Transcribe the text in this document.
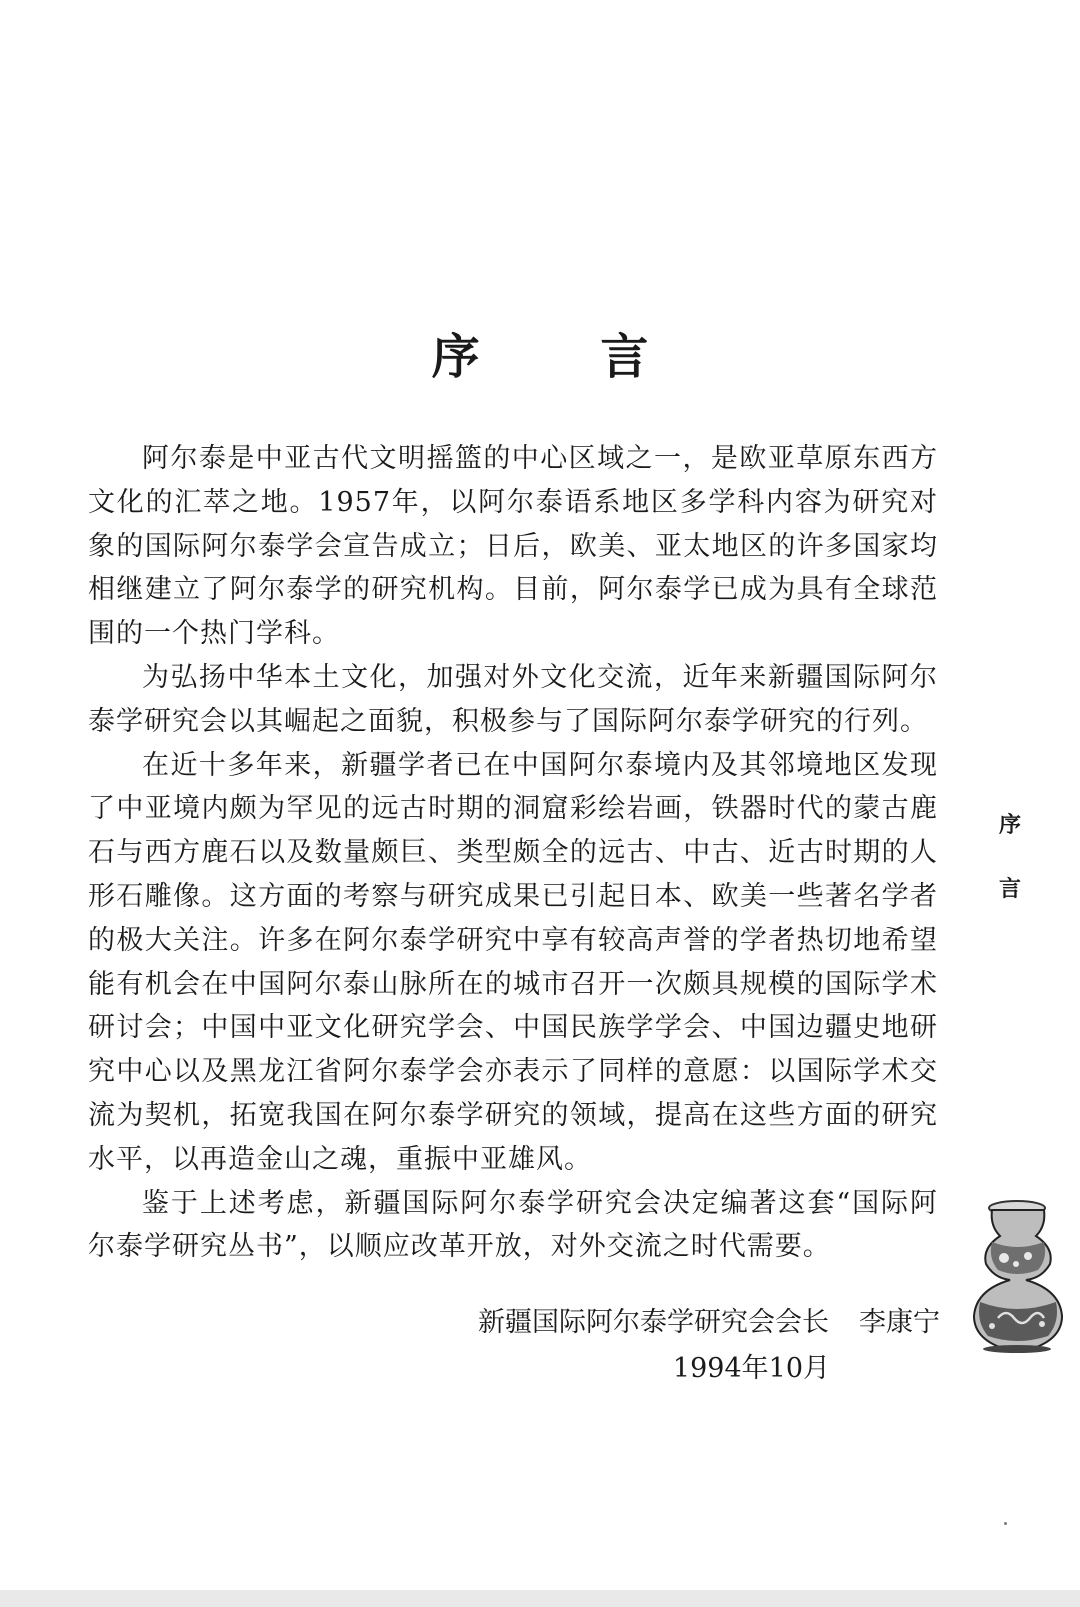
序 言

阿尔泰是中亚古代文明摇篮的中心区域之一，是欧亚草原东西方文化的汇萃之地。1957年，以阿尔泰语系地区多学科内容为研究对象的国际阿尔泰学会宣告成立；日后，欧美、亚太地区的许多国家均相继建立了阿尔泰学的研究机构。目前，阿尔泰学已成为具有全球范围的一个热门学科。

为弘扬中华本土文化，加强对外文化交流，近年来新疆国际阿尔泰学研究会以其崛起之面貌，积极参与了国际阿尔泰学研究的行列。

在近十多年来，新疆学者已在中国阿尔泰境内及其邻境地区发现了中亚境内颇为罕见的远古时期的洞窟彩绘岩画，铁器时代的蒙古鹿石与西方鹿石以及数量颇巨、类型颇全的远古、中古、近古时期的人形石雕像。这方面的考察与研究成果已引起日本、欧美一些著名学者的极大关注。许多在阿尔泰学研究中享有较高声誉的学者热切地希望能有机会在中国阿尔泰山脉所在的城市召开一次颇具规模的国际学术研讨会；中国中亚文化研究学会、中国民族学学会、中国边疆史地研究中心以及黑龙江省阿尔泰学会亦表示了同样的意愿：以国际学术交流为契机，拓宽我国在阿尔泰学研究的领域，提高在这些方面的研究水平，以再造金山之魂，重振中亚雄风。

鉴于上述考虑，新疆国际阿尔泰学研究会决定编著这套“国际阿尔泰学研究丛书”，以顺应改革开放，对外交流之时代需要。

新疆国际阿尔泰学研究会会长 李康宁
1994年10月
序
言
